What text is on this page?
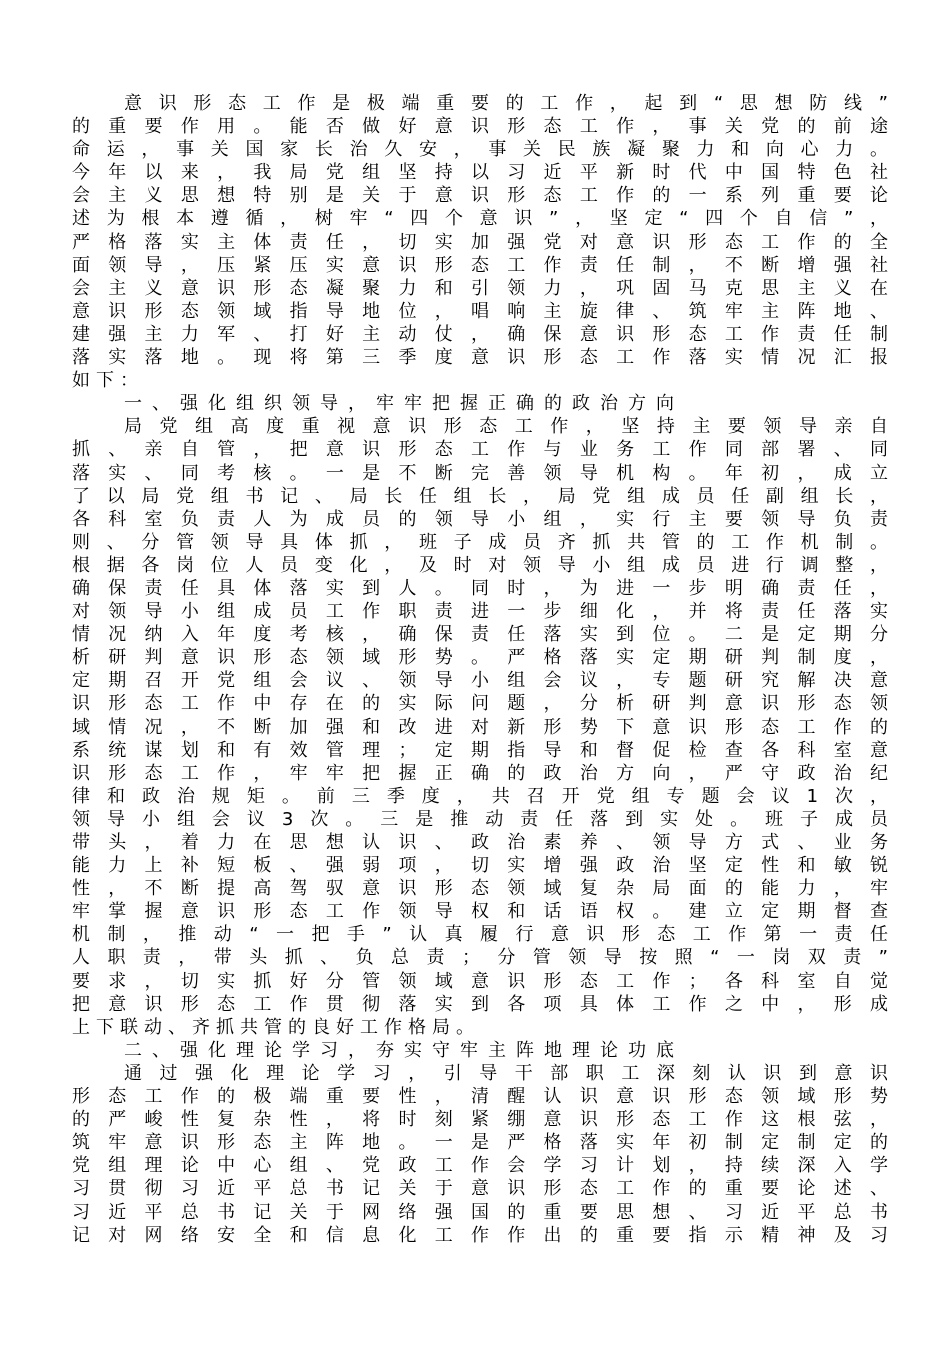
意识形态工作是极端重要的工作，起到“思想防线”
的重要作用。能否做好意识形态工作，事关党的前途
命运，事关国家长治久安，事关民族凝聚力和向心力。
今年以来，我局党组坚持以习近平新时代中国特色社
会主义思想特别是关于意识形态工作的一系列重要论
述为根本遵循，树牢“四个意识”，坚定“四个自信”，
严格落实主体责任，切实加强党对意识形态工作的全
面领导，压紧压实意识形态工作责任制，不断增强社
会主义意识形态凝聚力和引领力，巩固马克思主义在
意识形态领域指导地位，唱响主旋律、筑牢主阵地、
建强主力军、打好主动仗，确保意识形态工作责任制
落实落地。现将第三季度意识形态工作落实情况汇报
如下：
一、强化组织领导，牢牢把握正确的政治方向
局党组高度重视意识形态工作，坚持主要领导亲自
抓、亲自管，把意识形态工作与业务工作同部署、同
落实、同考核。一是不断完善领导机构。年初，成立
了以局党组书记、局长任组长，局党组成员任副组长，
各科室负责人为成员的领导小组，实行主要领导负责
则、分管领导具体抓，班子成员齐抓共管的工作机制。
根据各岗位人员变化，及时对领导小组成员进行调整，
确保责任具体落实到人。同时，为进一步明确责任，
对领导小组成员工作职责进一步细化，并将责任落实
情况纳入年度考核，确保责任落实到位。二是定期分
析研判意识形态领域形势。严格落实定期研判制度，
定期召开党组会议、领导小组会议，专题研究解决意
识形态工作中存在的实际问题，分析研判意识形态领
域情况，不断加强和改进对新形势下意识形态工作的
系统谋划和有效管理；定期指导和督促检查各科室意
识形态工作，牢牢把握正确的政治方向，严守政治纪
律和政治规矩。前三季度，共召开党组专题会议1次，
领导小组会议3次。三是推动责任落到实处。班子成员
带头，着力在思想认识、政治素养、领导方式、业务
能力上补短板、强弱项，切实增强政治坚定性和敏锐
性，不断提高驾驭意识形态领域复杂局面的能力，牢
牢掌握意识形态工作领导权和话语权。建立定期督查
机制，推动“一把手”认真履行意识形态工作第一责任
人职责，带头抓、负总责；分管领导按照“一岗双责”
要求，切实抓好分管领域意识形态工作；各科室自觉
把意识形态工作贯彻落实到各项具体工作之中，形成
上下联动、齐抓共管的良好工作格局。
二、强化理论学习，夯实守牢主阵地理论功底
通过强化理论学习，引导干部职工深刻认识到意识
形态工作的极端重要性，清醒认识意识形态领域形势
的严峻性复杂性，将时刻紧绷意识形态工作这根弦，
筑牢意识形态主阵地。一是严格落实年初制定制定的
党组理论中心组、党政工作会学习计划，持续深入学
习贯彻习近平总书记关于意识形态工作的重要论述、
习近平总书记关于网络强国的重要思想、习近平总书
记对网络安全和信息化工作作出的重要指示精神及习
